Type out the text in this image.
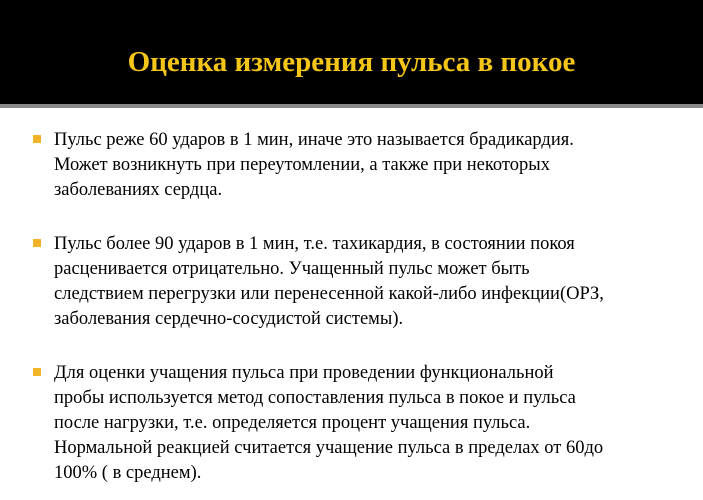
Оценка измерения пульса в покое
Пульс реже 60 ударов в 1 мин, иначе это называется брадикардия.
Может возникнуть при переутомлении, а также при некоторых
заболеваниях сердца.
Пульс более 90 ударов в 1 мин, т.е. тахикардия, в состоянии покоя
расценивается отрицательно. Учащенный пульс может быть
следствием перегрузки или перенесенной какой-либо инфекции(ОРЗ,
заболевания сердечно-сосудистой системы).
Для оценки учащения пульса при проведении функциональной
пробы используется метод сопоставления пульса в покое и пульса
после нагрузки, т.е. определяется процент учащения пульса.
Нормальной реакцией считается учащение пульса в пределах от 60до
100% ( в среднем).
